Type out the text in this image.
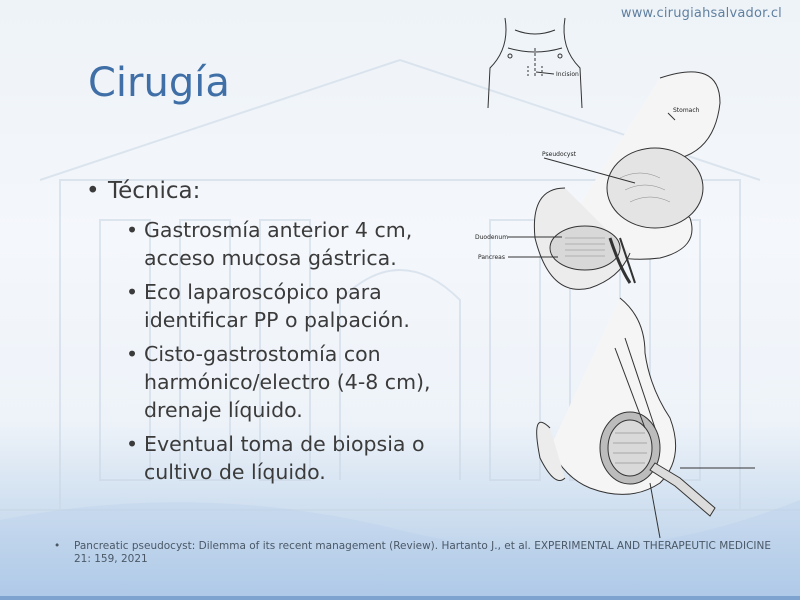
www.cirugiahsalvador.cl
Cirugía
• Técnica:
• Gastrosmía anterior 4 cm, acceso mucosa gástrica.
• Eco laparoscópico para identificar PP o palpación.
• Cisto-gastrostomía con harmónico/electro (4-8 cm), drenaje líquido.
• Eventual toma de biopsia o cultivo de líquido.
Incision
Stomach
Pseudocyst
Duodenum
Pancreas
•	Pancreatic pseudocyst: Dilemma of its recent management (Review). Hartanto J., et al. EXPERIMENTAL AND THERAPEUTIC MEDICINE 21: 159, 2021
